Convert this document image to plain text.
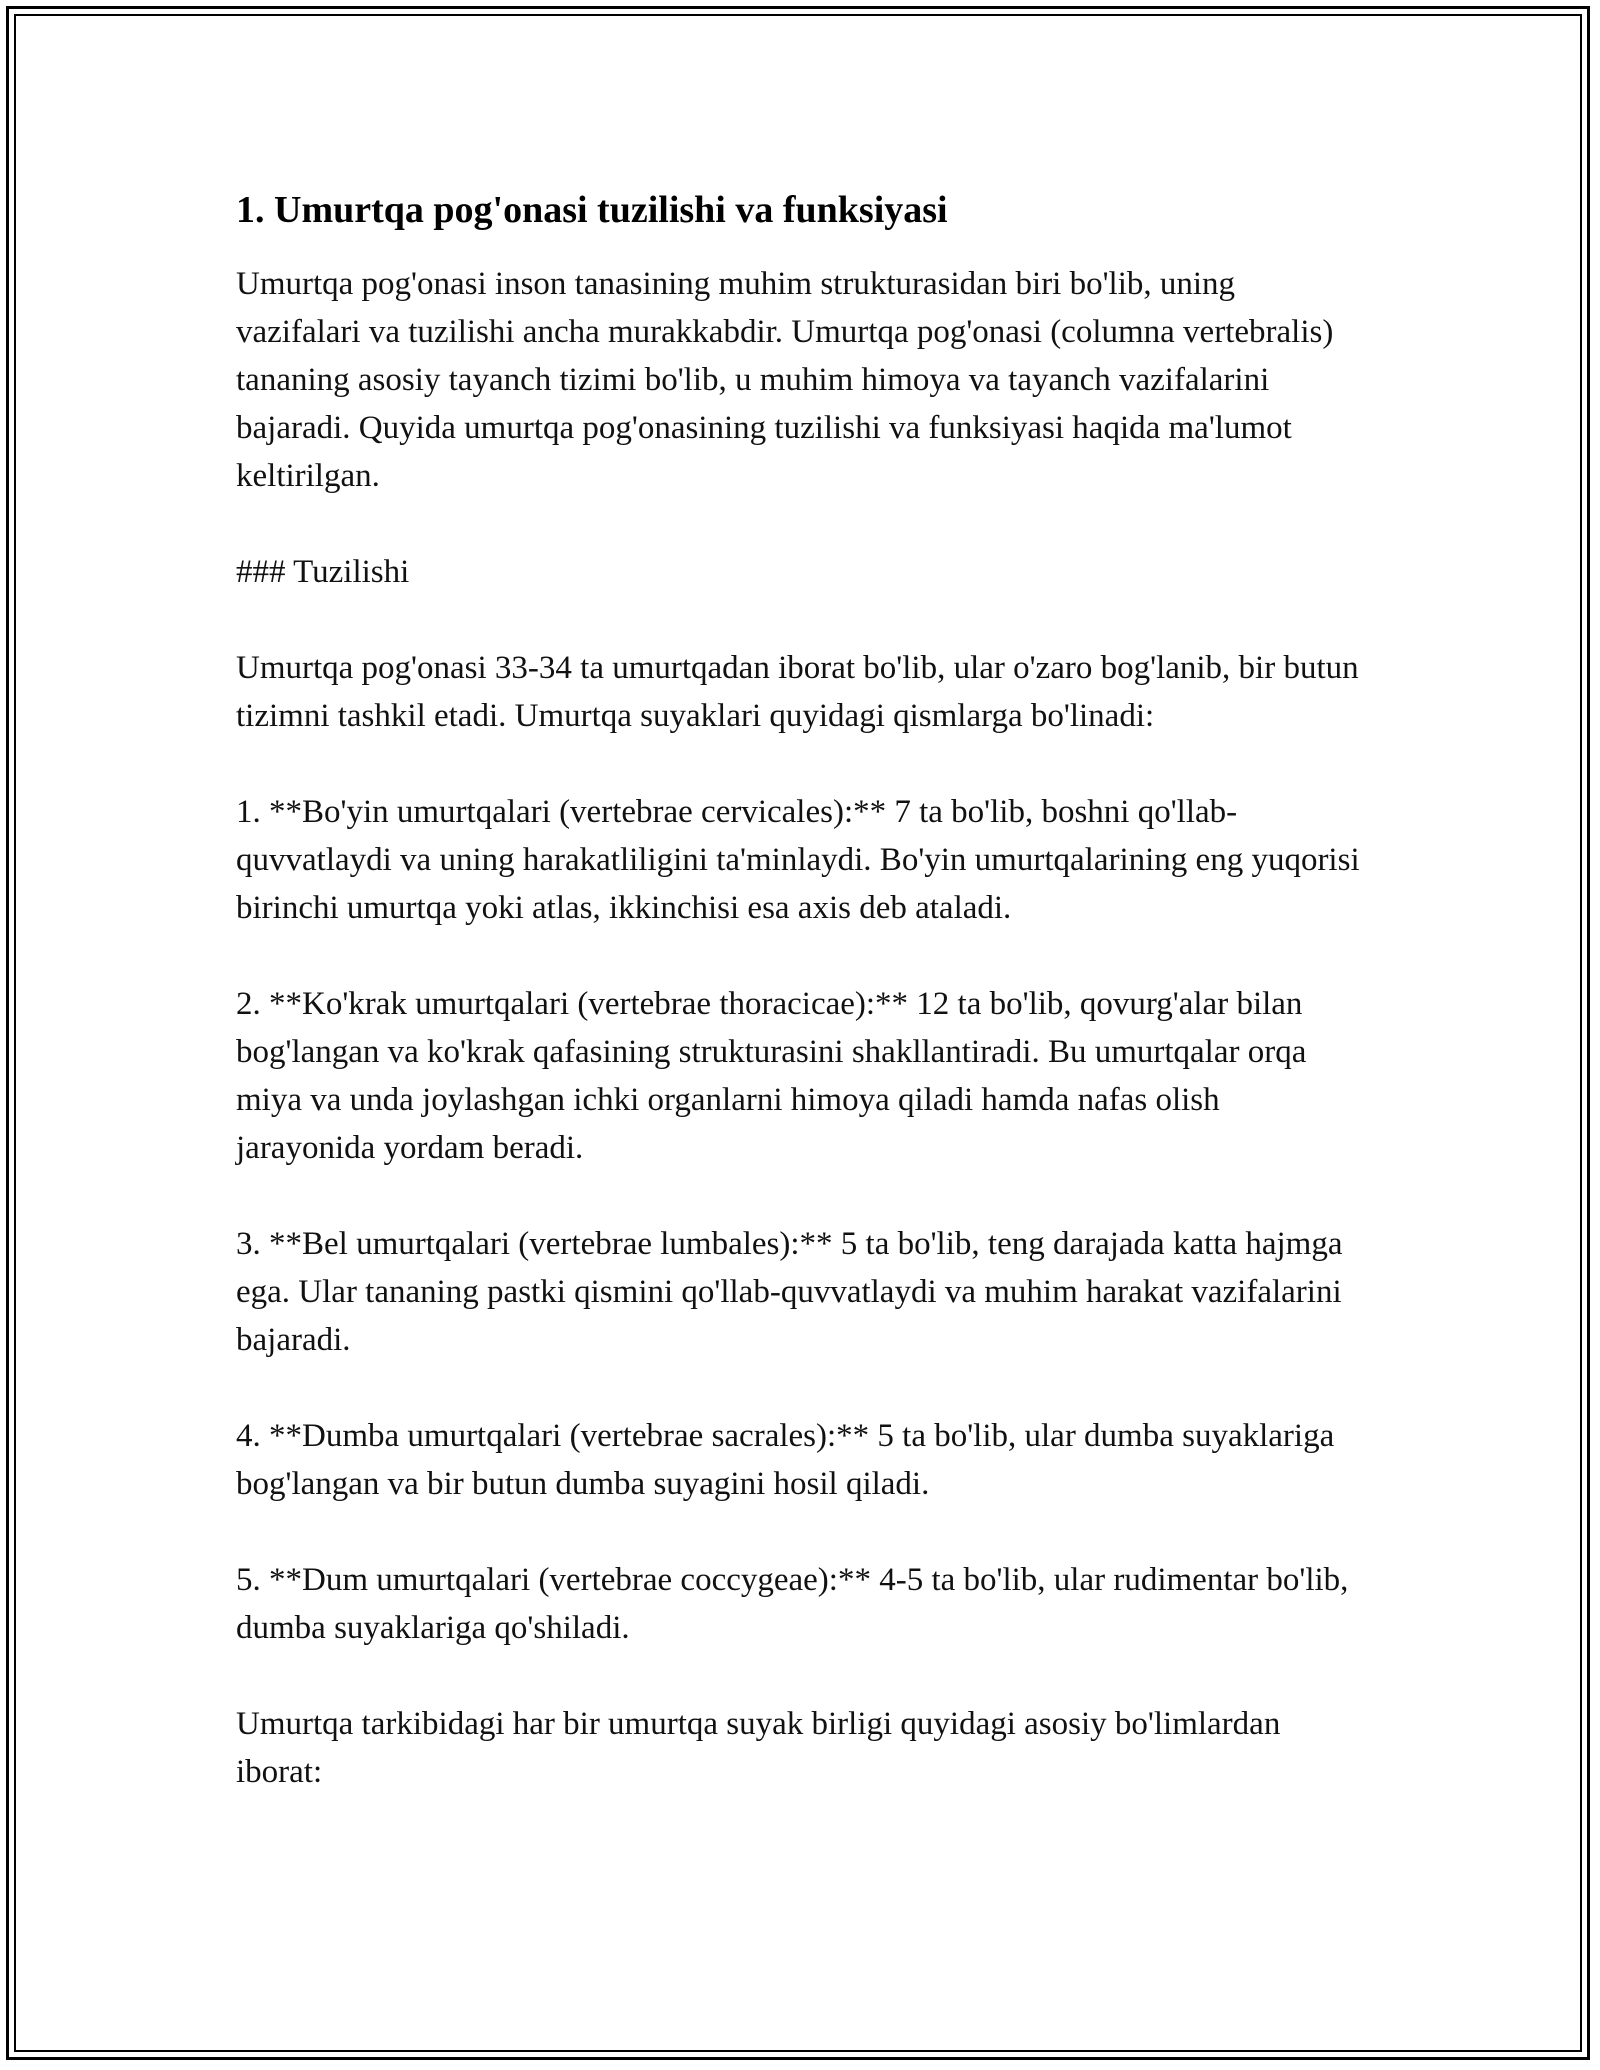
1. Umurtqa pog'onasi tuzilishi va funksiyasi

Umurtqa pog'onasi inson tanasining muhim strukturasidan biri bo'lib, uning vazifalari va tuzilishi ancha murakkabdir. Umurtqa pog'onasi (columna vertebralis) tananing asosiy tayanch tizimi bo'lib, u muhim himoya va tayanch vazifalarini bajaradi. Quyida umurtqa pog'onasining tuzilishi va funksiyasi haqida ma'lumot keltirilgan.

### Tuzilishi

Umurtqa pog'onasi 33-34 ta umurtqadan iborat bo'lib, ular o'zaro bog'lanib, bir butun tizimni tashkil etadi. Umurtqa suyaklari quyidagi qismlarga bo'linadi:

1. **Bo'yin umurtqalari (vertebrae cervicales):** 7 ta bo'lib, boshni qo'llab-quvvatlaydi va uning harakatliligini ta'minlaydi. Bo'yin umurtqalarining eng yuqorisi birinchi umurtqa yoki atlas, ikkinchisi esa axis deb ataladi.

2. **Ko'krak umurtqalari (vertebrae thoracicae):** 12 ta bo'lib, qovurg'alar bilan bog'langan va ko'krak qafasining strukturasini shakllantiradi. Bu umurtqalar orqa miya va unda joylashgan ichki organlarni himoya qiladi hamda nafas olish jarayonida yordam beradi.

3. **Bel umurtqalari (vertebrae lumbales):** 5 ta bo'lib, teng darajada katta hajmga ega. Ular tananing pastki qismini qo'llab-quvvatlaydi va muhim harakat vazifalarini bajaradi.

4. **Dumba umurtqalari (vertebrae sacrales):** 5 ta bo'lib, ular dumba suyaklariga bog'langan va bir butun dumba suyagini hosil qiladi.

5. **Dum umurtqalari (vertebrae coccygeae):** 4-5 ta bo'lib, ular rudimentar bo'lib, dumba suyaklariga qo'shiladi.

Umurtqa tarkibidagi har bir umurtqa suyak birligi quyidagi asosiy bo'limlardan iborat:
